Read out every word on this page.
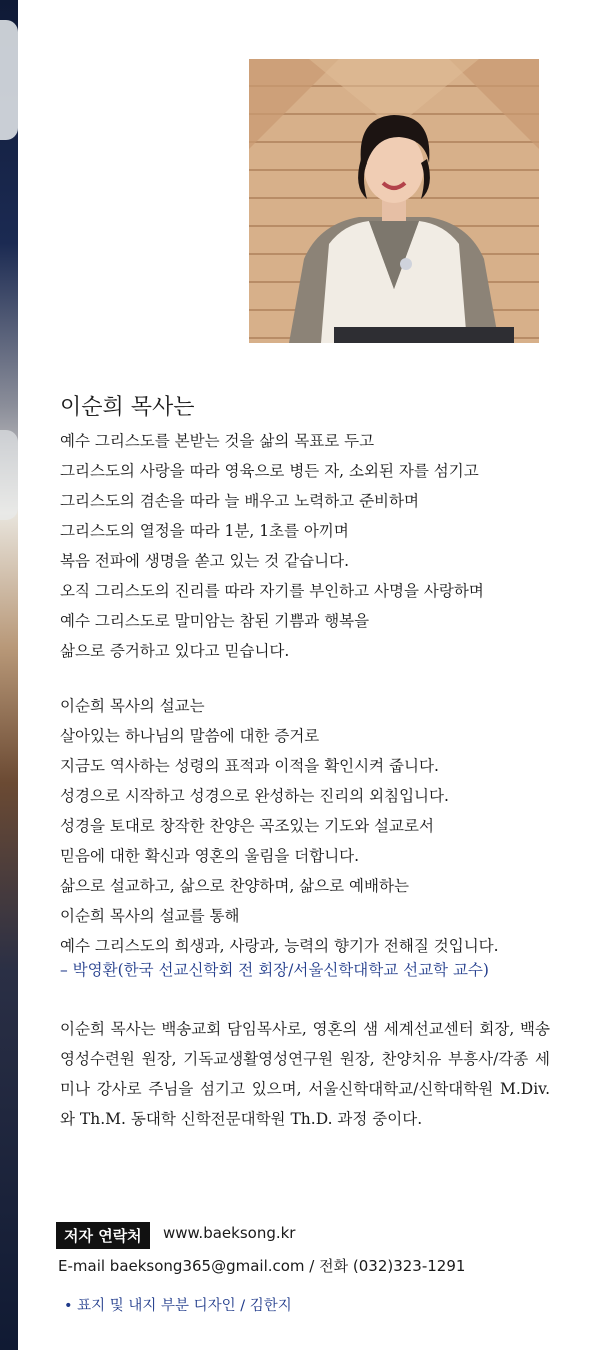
이순희 목사는

예수 그리스도를 본받는 것을 삶의 목표로 두고

그리스도의 사랑을 따라 영육으로 병든 자, 소외된 자를 섬기고

그리스도의 겸손을 따라 늘 배우고 노력하고 준비하며

그리스도의 열정을 따라 1분, 1초를 아끼며

복음 전파에 생명을 쏟고 있는 것 같습니다.

오직 그리스도의 진리를 따라 자기를 부인하고 사명을 사랑하며

예수 그리스도로 말미암는 참된 기쁨과 행복을

삶으로 증거하고 있다고 믿습니다.

이순희 목사의 설교는

살아있는 하나님의 말씀에 대한 증거로

지금도 역사하는 성령의 표적과 이적을 확인시켜 줍니다.

성경으로 시작하고 성경으로 완성하는 진리의 외침입니다.

성경을 토대로 창작한 찬양은 곡조있는 기도와 설교로서

믿음에 대한 확신과 영혼의 울림을 더합니다.

삶으로 설교하고, 삶으로 찬양하며, 삶으로 예배하는

이순희 목사의 설교를 통해

예수 그리스도의 희생과, 사랑과, 능력의 향기가 전해질 것입니다.

– 박영환(한국 선교신학회 전 회장/서울신학대학교 선교학 교수)
이순희 목사는 백송교회 담임목사로, 영혼의 샘 세계선교센터 회장, 백송영성수련원 원장, 기독교생활영성연구원 원장, 찬양치유 부흥사/각종 세미나 강사로 주님을 섬기고 있으며, 서울신학대학교/신학대학원 M.Div.와 Th.M. 동대학 신학전문대학원 Th.D. 과정 중이다.
저자 연락처	www.baeksong.kr
E-mail baeksong365@gmail.com / 전화 (032)323-1291
• 표지 및 내지 부분 디자인 / 김한지
